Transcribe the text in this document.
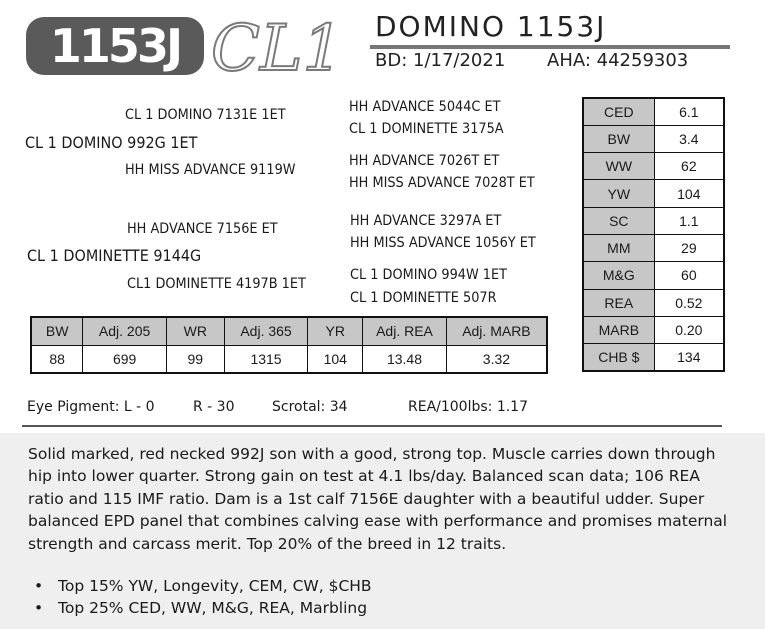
1153J CL1 DOMINO 1153J
BD: 1/17/2021 AHA: 44259303
CL 1 DOMINO 7131E 1ET
CL 1 DOMINO 992G 1ET
HH MISS ADVANCE 9119W
HH ADVANCE 5044C ET
CL 1 DOMINETTE 3175A
HH ADVANCE 7026T ET
HH MISS ADVANCE 7028T ET
HH ADVANCE 7156E ET
CL 1 DOMINETTE 9144G
CL1 DOMINETTE 4197B 1ET
HH ADVANCE 3297A ET
HH MISS ADVANCE 1056Y ET
CL 1 DOMINO 994W 1ET
CL 1 DOMINETTE 507R
BW	Adj. 205	WR	Adj. 365	YR	Adj. REA	Adj. MARB
88	699	99	1315	104	13.48	3.32
CED	6.1
BW	3.4
WW	62
YW	104
SC	1.1
MM	29
M&G	60
REA	0.52
MARB	0.20
CHB $	134
Eye Pigment: L - 0	R - 30	Scrotal: 34	REA/100lbs: 1.17
Solid marked, red necked 992J son with a good, strong top. Muscle carries down through hip into lower quarter. Strong gain on test at 4.1 lbs/day. Balanced scan data; 106 REA ratio and 115 IMF ratio. Dam is a 1st calf 7156E daughter with a beautiful udder. Super balanced EPD panel that combines calving ease with performance and promises maternal strength and carcass merit. Top 20% of the breed in 12 traits.
• Top 15% YW, Longevity, CEM, CW, $CHB
• Top 25% CED, WW, M&G, REA, Marbling
